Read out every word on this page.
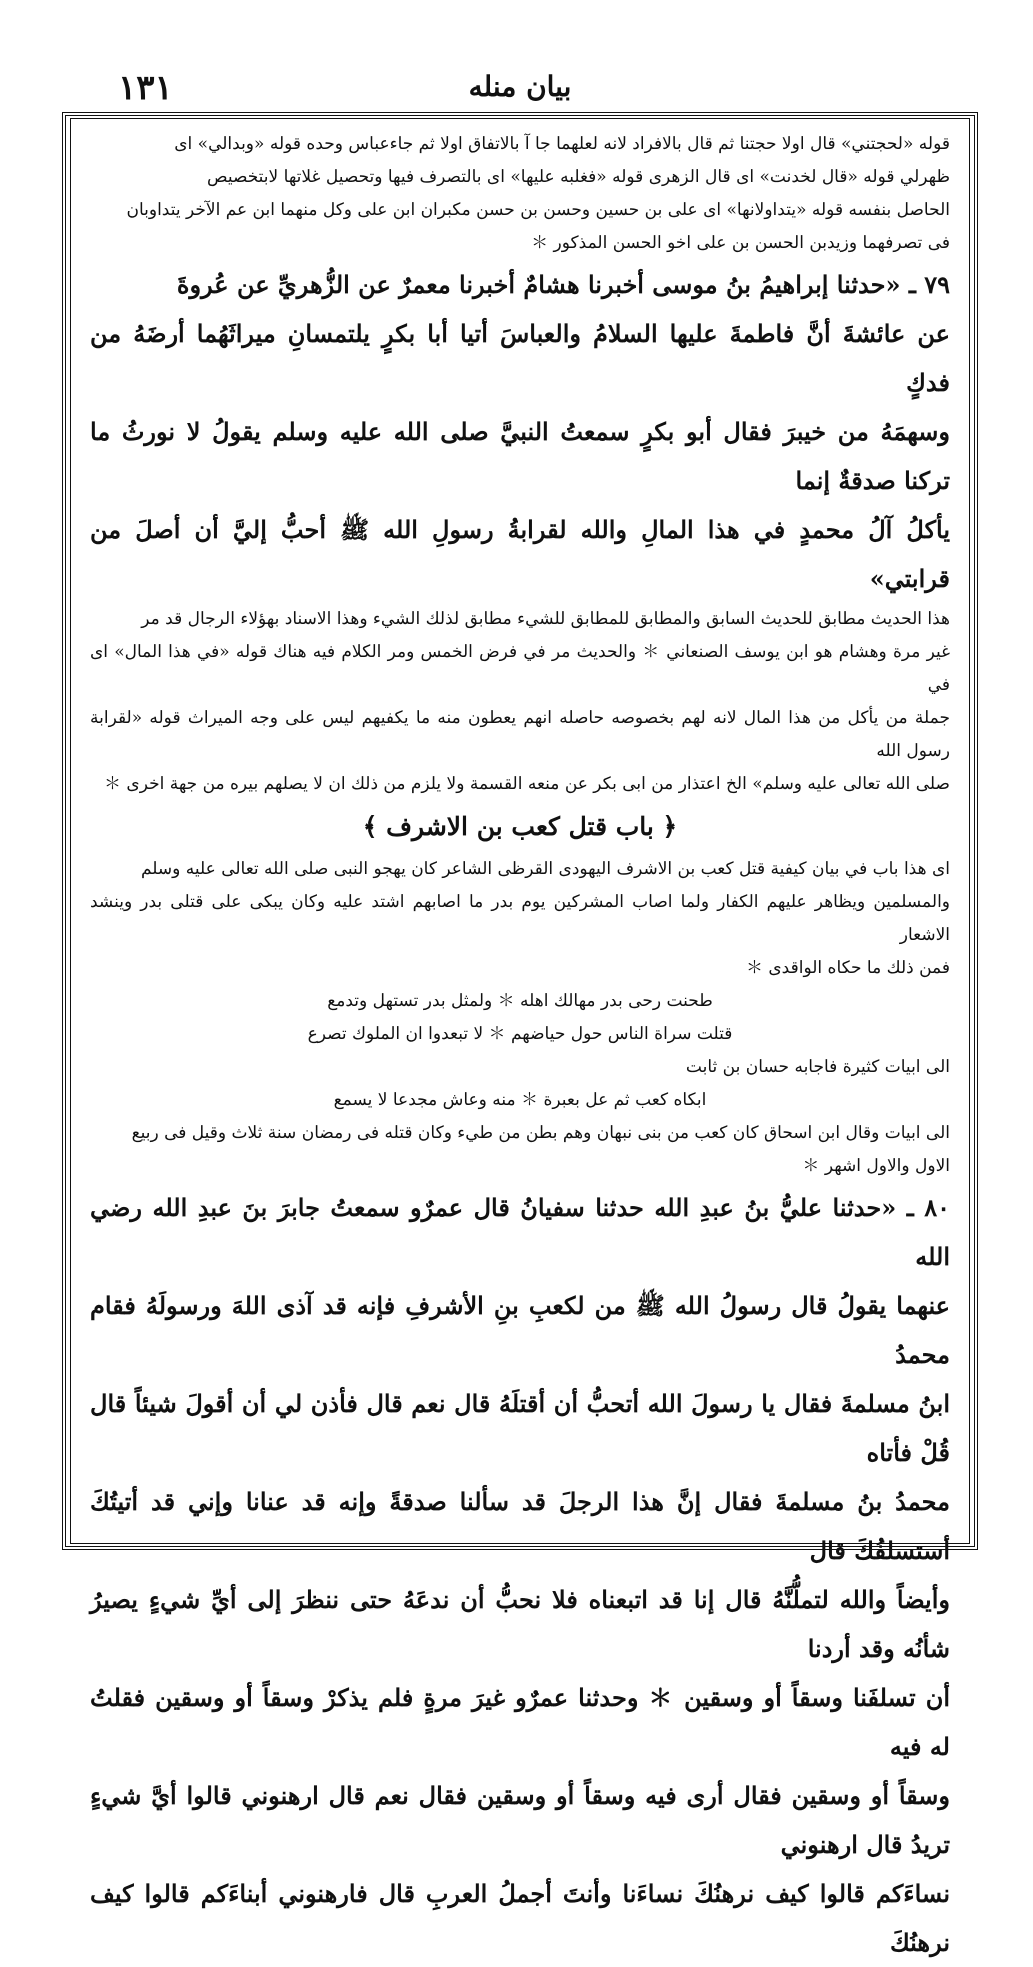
١٣١	بيان منله

قوله «لحجتني» قال اولا حجتنا ثم قال بالافراد لانه لعلهما جا آ بالاتفاق اولا ثم جاءعباس وحده قوله «وبدالي» اى

ظهرلي قوله «قال لخدنت» اى قال الزهرى قوله «فغلبه عليها» اى بالتصرف فيها وتحصيل غلاتها لابتخصيص

الحاصل بنفسه قوله «يتداولانها» اى على بن حسين وحسن بن حسن مكبران ابن على وكل منهما ابن عم الآخر يتداوبان

فى تصرفهما وزيدبن الحسن بن على اخو الحسن المذكور ＊

٧٩ ـ «حدثنا إبراهيمُ بنُ موسى أخبرنا هشامٌ أخبرنا معمرٌ عن الزُّهريِّ عن عُروةَ

عن عائشةَ أنَّ فاطمةَ عليها السلامُ والعباسَ أتيا أبا بكرٍ يلتمسانِ ميراثَهُما أرضَهُ من فدكٍ

وسهمَهُ من خيبرَ فقال أبو بكرٍ سمعتُ النبيَّ صلى الله عليه وسلم يقولُ لا نورثُ ما تركنا صدقةٌ إنما

يأكلُ آلُ محمدٍ في هذا المالِ والله لقرابةُ رسولِ الله ﷺ أحبُّ إليَّ أن أصلَ من قرابتي»

هذا الحديث مطابق للحديث السابق والمطابق للمطابق للشيء مطابق لذلك الشيء وهذا الاسناد بهؤلاء الرجال قد مر

غير مرة وهشام هو ابن يوسف الصنعاني ＊ والحديث مر في فرض الخمس ومر الكلام فيه هناك قوله «في هذا المال» اى في

جملة من يأكل من هذا المال لانه لهم بخصوصه حاصله انهم يعطون منه ما يكفيهم ليس على وجه الميراث قوله «لقرابة رسول الله

صلى الله تعالى عليه وسلم» الخ اعتذار من ابى بكر عن منعه القسمة ولا يلزم من ذلك ان لا يصلهم بيره من جهة اخرى ＊

﴿ باب قتل كعب بن الاشرف ﴾

اى هذا باب في بيان كيفية قتل كعب بن الاشرف اليهودى القرظى الشاعر كان يهجو النبى صلى الله تعالى عليه وسلم

والمسلمين ويظاهر عليهم الكفار ولما اصاب المشركين يوم بدر ما اصابهم اشتد عليه وكان يبكى على قتلى بدر وينشد الاشعار

فمن ذلك ما حكاه الواقدى ＊

طحنت رحى بدر مهالك اهله ＊ ولمثل بدر تستهل وتدمع

قتلت سراة الناس حول حياضهم ＊ لا تبعدوا ان الملوك تصرع

الى ابيات كثيرة فاجابه حسان بن ثابت

ابكاه كعب ثم عل بعبرة ＊ منه وعاش مجدعا لا يسمع

الى ابيات وقال ابن اسحاق كان كعب من بنى نبهان وهم بطن من طيء وكان قتله فى رمضان سنة ثلاث وقيل فى ربيع

الاول والاول اشهر ＊

٨٠ ـ «حدثنا عليُّ بنُ عبدِ الله حدثنا سفيانُ قال عمرٌو سمعتُ جابرَ بنَ عبدِ الله رضي الله

عنهما يقولُ قال رسولُ الله ﷺ من لكعبِ بنِ الأشرفِ فإنه قد آذى اللهَ ورسولَهُ فقام محمدُ

ابنُ مسلمةَ فقال يا رسولَ الله أتحبُّ أن أقتلَهُ قال نعم قال فأذن لي أن أقولَ شيئاً قال قُلْ فأتاه

محمدُ بنُ مسلمةَ فقال إنَّ هذا الرجلَ قد سألنا صدقةً وإنه قد عنانا وإني قد أتيتُكَ أستسلفُكَ قال

وأيضاً والله لتملُّنَّهُ قال إنا قد اتبعناه فلا نحبُّ أن ندعَهُ حتى ننظرَ إلى أيِّ شيءٍ يصيرُ شأنُه وقد أردنا

أن تسلفَنا وسقاً أو وسقين ＊ وحدثنا عمرٌو غيرَ مرةٍ فلم يذكرْ وسقاً أو وسقين فقلتُ له فيه

وسقاً أو وسقين فقال أرى فيه وسقاً أو وسقين فقال نعم قال ارهنوني قالوا أيَّ شيءٍ تريدُ قال ارهنوني

نساءَكم قالوا كيف نرهنُكَ نساءَنا وأنتَ أجملُ العربِ قال فارهنوني أبناءَكم قالوا كيف نرهنُكَ
